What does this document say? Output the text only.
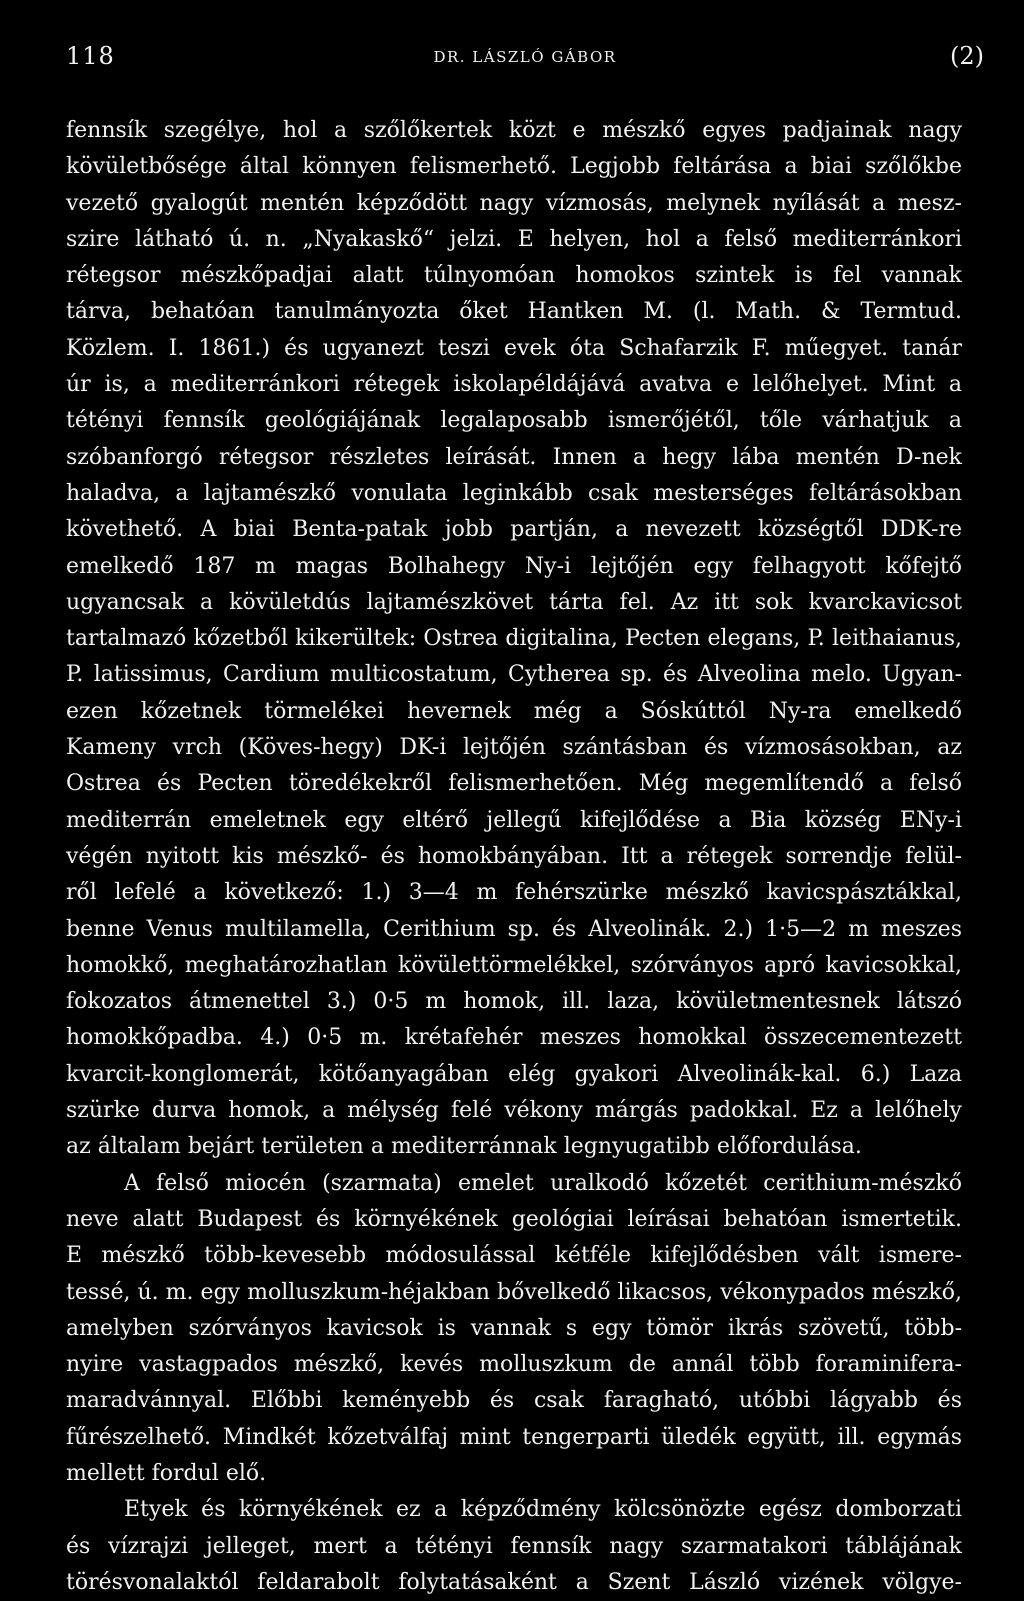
118	DR. LÁSZLÓ GÁBOR	(2)
fennsík szegélye, hol a szőlőkertek közt e mészkő egyes padjainak nagy
kövületbősége által könnyen felismerhető. Legjobb feltárása a biai szőlőkbe
vezető gyalogút mentén képződött nagy vízmosás, melynek nyílását a mesz-
szire látható ú. n. „Nyakaskő“ jelzi. E helyen, hol a felső mediterránkori
rétegsor mészkőpadjai alatt túlnyomóan homokos szintek is fel vannak
tárva, behatóan tanulmányozta őket Hantken M. (l. Math. & Termtud.
Közlem. I. 1861.) és ugyanezt teszi evek óta Schafarzik F. műegyet. tanár
úr is, a mediterránkori rétegek iskolapéldájává avatva e lelőhelyet. Mint a
tétényi fennsík geológiájának legalaposabb ismerőjétől, tőle várhatjuk a
szóbanforgó rétegsor részletes leírását. Innen a hegy lába mentén D-nek
haladva, a lajtamészkő vonulata leginkább csak mesterséges feltárásokban
követhető. A biai Benta-patak jobb partján, a nevezett községtől DDK-re
emelkedő 187 m magas Bolhahegy Ny-i lejtőjén egy felhagyott kőfejtő
ugyancsak a kövületdús lajtamészkövet tárta fel. Az itt sok kvarckavicsot
tartalmazó kőzetből kikerültek: Ostrea digitalina, Pecten elegans, P. leithaianus,
P. latissimus, Cardium multicostatum, Cytherea sp. és Alveolina melo. Ugyan-
ezen kőzetnek törmelékei hevernek még a Sóskúttól Ny-ra emelkedő
Kameny vrch (Köves-hegy) DK-i lejtőjén szántásban és vízmosásokban, az
Ostrea és Pecten töredékekről felismerhetően. Még megemlítendő a felső
mediterrán emeletnek egy eltérő jellegű kifejlődése a Bia község ENy-i
végén nyitott kis mészkő- és homokbányában. Itt a rétegek sorrendje felül-
ről lefelé a következő: 1.) 3—4 m fehérszürke mészkő kavicspásztákkal,
benne Venus multilamella, Cerithium sp. és Alveolinák. 2.) 1·5—2 m meszes
homokkő, meghatározhatlan kövülettörmelékkel, szórványos apró kavicsokkal,
fokozatos átmenettel 3.) 0·5 m homok, ill. laza, kövületmentesnek látszó
homokkőpadba. 4.) 0·5 m. krétafehér meszes homokkal összecementezett
kvarcit-konglomerát, kötőanyagában elég gyakori Alveolinák-kal. 6.) Laza
szürke durva homok, a mélység felé vékony márgás padokkal. Ez a lelőhely
az általam bejárt területen a mediterránnak legnyugatibb előfordulása.
A felső miocén (szarmata) emelet uralkodó kőzetét cerithium-mészkő
neve alatt Budapest és környékének geológiai leírásai behatóan ismertetik.
E mészkő több-kevesebb módosulással kétféle kifejlődésben vált ismere-
tessé, ú. m. egy molluszkum-héjakban bővelkedő likacsos, vékonypados mészkő,
amelyben szórványos kavicsok is vannak s egy tömör ikrás szövetű, több-
nyire vastagpados mészkő, kevés molluszkum de annál több foraminifera-
maradvánnyal. Előbbi keményebb és csak faragható, utóbbi lágyabb és
fűrészelhető. Mindkét kőzetválfaj mint tengerparti üledék együtt, ill. egymás
mellett fordul elő.
Etyek és környékének ez a képződmény kölcsönözte egész domborzati
és vízrajzi jelleget, mert a tétényi fennsík nagy szarmatakori táblájának
törésvonalaktól feldarabolt folytatásaként a Szent László vizének völgye-
